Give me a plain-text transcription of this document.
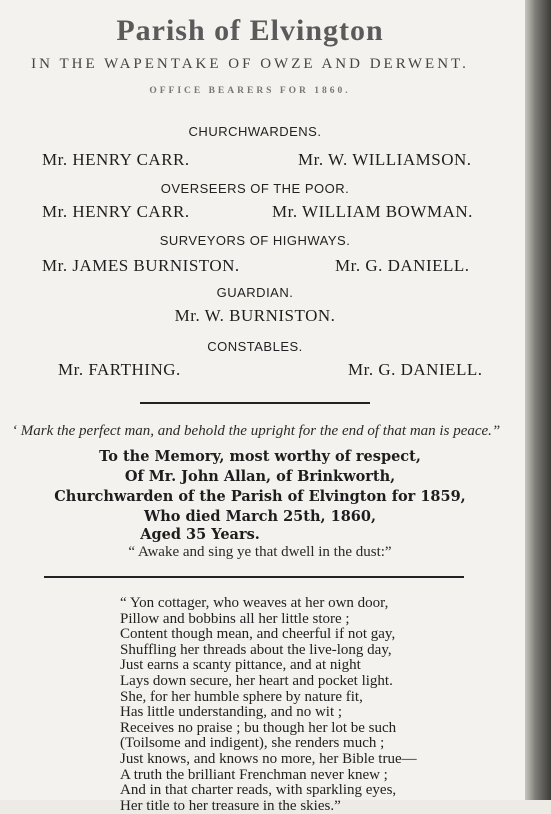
Parish of Elvington
IN THE WAPENTAKE OF OWZE AND DERWENT.
OFFICE BEARERS FOR 1860.
CHURCHWARDENS.
Mr. HENRY CARR.	Mr. W. WILLIAMSON.
OVERSEERS OF THE POOR.
Mr. HENRY CARR.	Mr. WILLIAM BOWMAN.
SURVEYORS OF HIGHWAYS.
Mr. JAMES BURNISTON.	Mr. G. DANIELL.
GUARDIAN.
Mr. W. BURNISTON.
CONSTABLES.
Mr. FARTHING.	Mr. G. DANIELL.
‘ Mark the perfect man, and behold the upright for the end of that man is peace.”
To the Memory, most worthy of respect,
Of Mr. John Allan, of Brinkworth,
Churchwarden of the Parish of Elvington for 1859,
Who died March 25th, 1860,
Aged 35 Years.
“ Awake and sing ye that dwell in the dust:”
“ Yon cottager, who weaves at her own door,
Pillow and bobbins all her little store ;
Content though mean, and cheerful if not gay,
Shuffling her threads about the live-long day,
Just earns a scanty pittance, and at night
Lays down secure, her heart and pocket light.
She, for her humble sphere by nature fit,
Has little understanding, and no wit ;
Receives no praise ; bu though her lot be such
(Toilsome and indigent), she renders much ;
Just knows, and knows no more, her Bible true—
A truth the brilliant Frenchman never knew ;
And in that charter reads, with sparkling eyes,
Her title to her treasure in the skies.”
